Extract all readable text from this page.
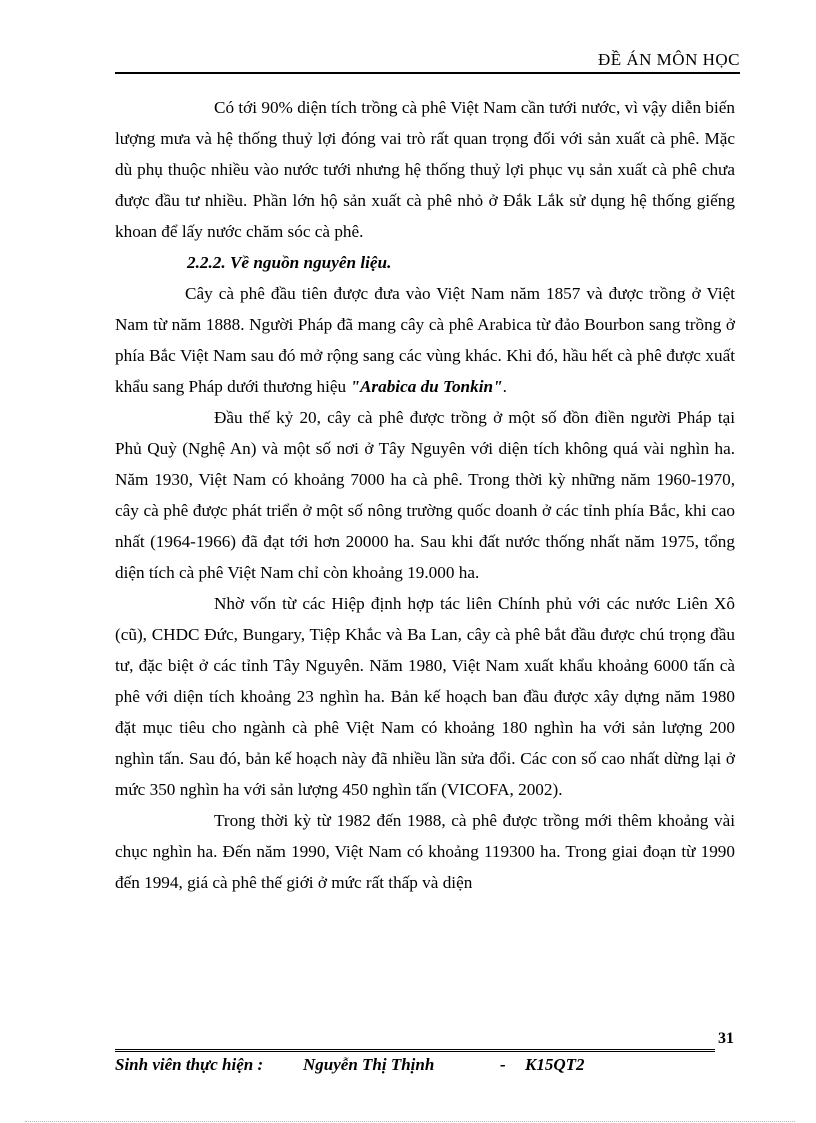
ĐỀ ÁN MÔN HỌC

Có tới 90% diện tích trồng cà phê Việt Nam cần tưới nước, vì vậy diễn biến lượng mưa và hệ thống thuỷ lợi đóng vai trò rất quan trọng đối với sản xuất cà phê. Mặc dù phụ thuộc nhiều vào nước tưới nhưng hệ thống thuỷ lợi phục vụ sản xuất cà phê chưa được đầu tư nhiều. Phần lớn hộ sản xuất cà phê nhỏ ở Đắk Lắk sử dụng hệ thống giếng khoan để lấy nước chăm sóc cà phê.

2.2.2. Về nguồn nguyên liệu.

Cây cà phê đầu tiên được đưa vào Việt Nam năm 1857 và được trồng ở Việt Nam từ năm 1888. Người Pháp đã mang cây cà phê Arabica từ đảo Bourbon sang trồng ở phía Bắc Việt Nam sau đó mở rộng sang các vùng khác. Khi đó, hầu hết cà phê được xuất khẩu sang Pháp dưới thương hiệu "Arabica du Tonkin".

Đầu thế kỷ 20, cây cà phê được trồng ở một số đồn điền người Pháp tại Phủ Quỳ (Nghệ An) và một số nơi ở Tây Nguyên với diện tích không quá vài nghìn ha. Năm 1930, Việt Nam có khoảng 7000 ha cà phê. Trong thời kỳ những năm 1960-1970, cây cà phê được phát triển ở một số nông trường quốc doanh ở các tỉnh phía Bắc, khi cao nhất (1964-1966) đã đạt tới hơn 20000 ha. Sau khi đất nước thống nhất năm 1975, tổng diện tích cà phê Việt Nam chỉ còn khoảng 19.000 ha.

Nhờ vốn từ các Hiệp định hợp tác liên Chính phủ với các nước Liên Xô (cũ), CHDC Đức, Bungary, Tiệp Khắc và Ba Lan, cây cà phê bắt đầu được chú trọng đầu tư, đặc biệt ở các tỉnh Tây Nguyên. Năm 1980, Việt Nam xuất khẩu khoảng 6000 tấn cà phê với diện tích khoảng 23 nghìn ha. Bản kế hoạch ban đầu được xây dựng năm 1980 đặt mục tiêu cho ngành cà phê Việt Nam có khoảng 180 nghìn ha với sản lượng 200 nghìn tấn. Sau đó, bản kế hoạch này đã nhiều lần sửa đổi. Các con số cao nhất dừng lại ở mức 350 nghìn ha với sản lượng 450 nghìn tấn (VICOFA, 2002).

Trong thời kỳ từ 1982 đến 1988, cà phê được trồng mới thêm khoảng vài chục nghìn ha. Đến năm 1990, Việt Nam có khoảng 119300 ha. Trong giai đoạn từ 1990 đến 1994, giá cà phê thế giới ở mức rất thấp và diện

31
Sinh viên thực hiện : Nguyễn Thị Thịnh	- K15QT2
